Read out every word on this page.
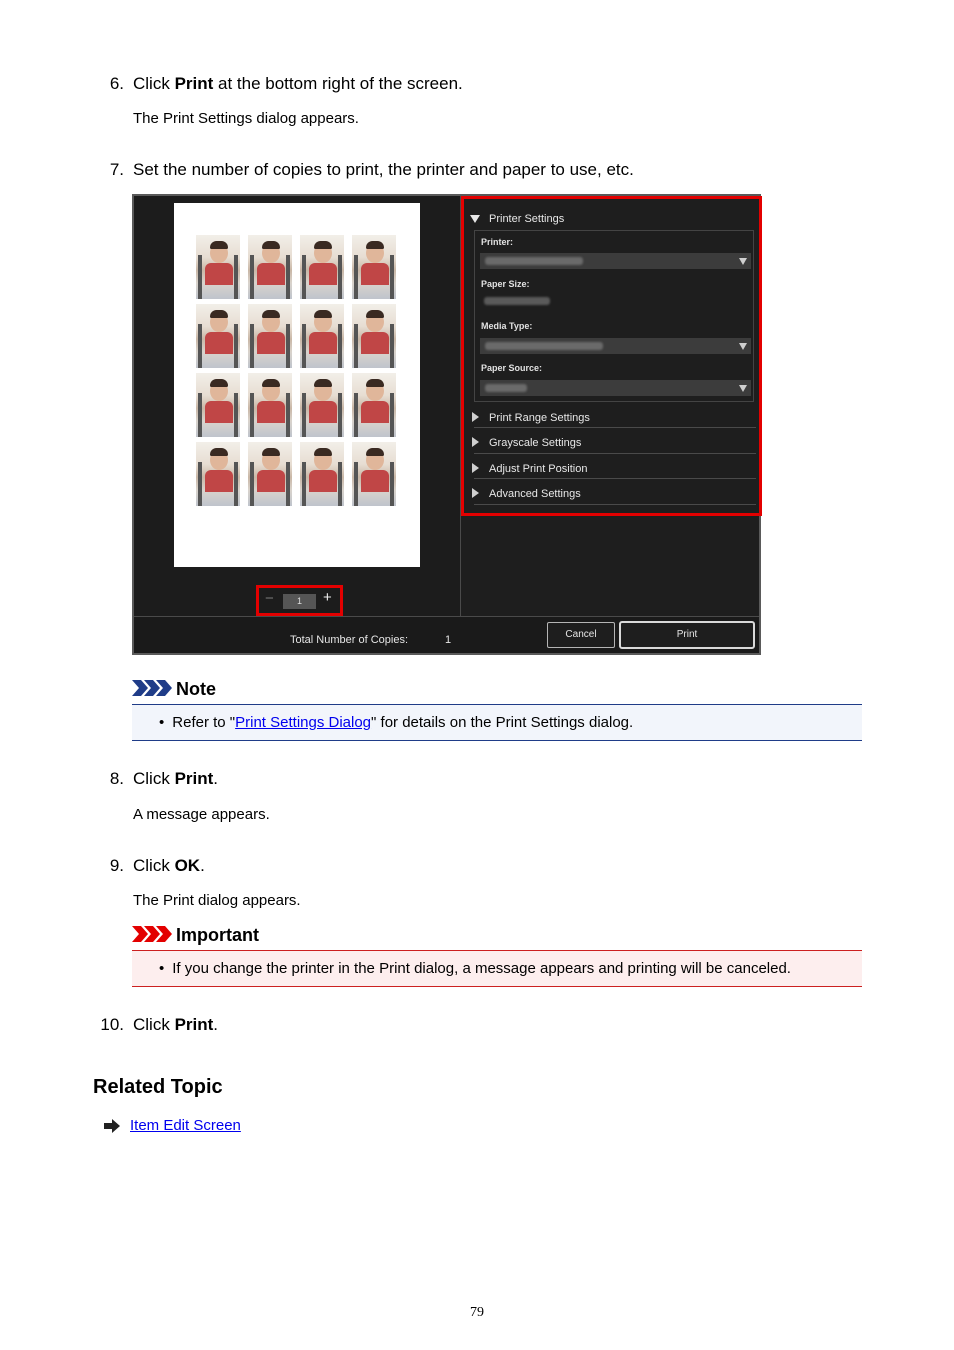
6. Click Print at the bottom right of the screen.
The Print Settings dialog appears.
7. Set the number of copies to print, the printer and paper to use, etc.
−	1	+
Printer Settings
Printer:
Paper Size:
Media Type:
Paper Source:
Print Range Settings
Grayscale Settings
Adjust Print Position
Advanced Settings
Total Number of Copies:	1	Cancel	Print
Note
• Refer to "Print Settings Dialog" for details on the Print Settings dialog.
8. Click Print.
A message appears.
9. Click OK.
The Print dialog appears.
Important
• If you change the printer in the Print dialog, a message appears and printing will be canceled.
10. Click Print.
Related Topic
Item Edit Screen
79
